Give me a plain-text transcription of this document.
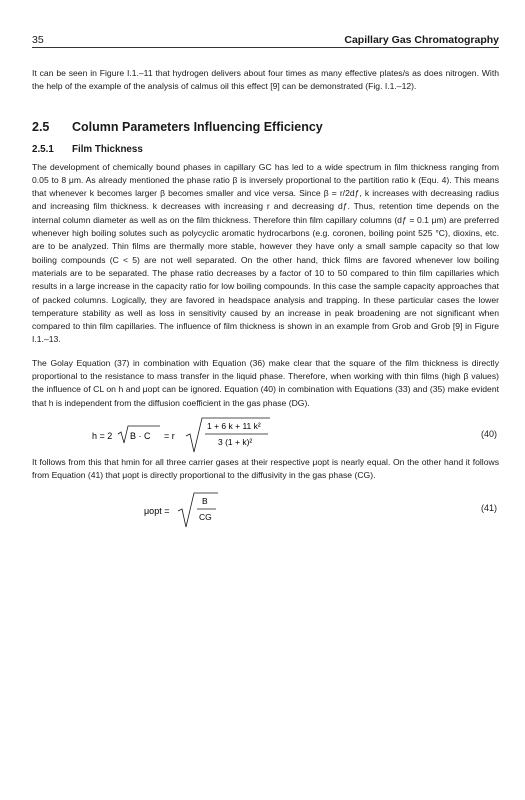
35	Capillary Gas Chromatography

It can be seen in Figure I.1.–11 that hydrogen delivers about four times as many effective plates/s as does nitrogen. With the help of the example of the analysis of calmus oil this effect [9] can be demonstrated (Fig. I.1.–12).

2.5	Column Parameters Influencing Efficiency
2.5.1	Film Thickness

The development of chemically bound phases in capillary GC has led to a wide spectrum in film thickness ranging from 0.05 to 8 μm. As already mentioned the phase ratio β is inversely proportional to the partition ratio k (Equ. 4). This means that whenever k becomes larger β becomes smaller and vice versa. Since β = r/2dƒ, k increases with decreasing radius and increasing film thickness. k decreases with increasing r and decreasing dƒ. Thus, retention time depends on the internal column diameter as well as on the film thickness. Therefore thin film capillary columns (dƒ = 0.1 μm) are preferred whenever high boiling solutes such as polycyclic aromatic hydrocarbons (e.g. coronen, boiling point 525 °C), dioxins, etc. are to be analyzed. Thin films are thermally more stable, however they have only a small sample capacity so that low boiling compounds (C < 5) are not well separated. On the other hand, thick films are favored whenever low boiling materials are to be separated. The phase ratio decreases by a factor of 10 to 50 compared to thin film capillaries which results in a large increase in the capacity ratio for low boiling compounds. In this case the sample capacity approaches that of packed columns. Logically, they are favored in headspace analysis and trapping. In these particular cases the lower temperature stability as well as loss in sensitivity caused by an increase in peak broadening are not significant when compared to thin film capillaries. The influence of film thickness is shown in an example from Grob and Grob [9] in Figure I.1.–13.

The Golay Equation (37) in combination with Equation (36) make clear that the square of the film thickness is directly proportional to the resistance to mass transfer in the liquid phase. Therefore, when working with thin films (high β values) the influence of CL on h and μopt can be ignored. Equation (40) in combination with Equations (33) and (35) make evident that h is independent from the diffusion coefficient in the gas phase (DG).

h = 2 B · C = r
1 + 6 k + 11 k²
3 (1 + k)²
(40)

It follows from this that hmin for all three carrier gases at their respective μopt is nearly equal. On the other hand it follows from Equation (41) that μopt is directly proportional to the diffusivity in the gas phase (CG).

μopt =
B
CG
(41)
